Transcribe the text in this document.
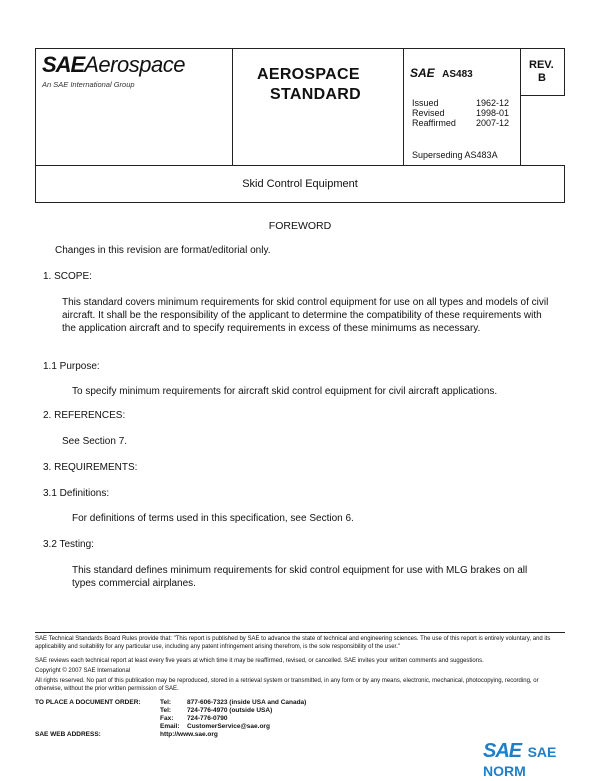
SAEAerospace
An SAE International Group
AEROSPACE
STANDARD
SAE AS483
REV.
B
Issued	1962-12
Revised	1998-01
Reaffirmed 2007-12
Superseding AS483A
Skid Control Equipment
FOREWORD
Changes in this revision are format/editorial only.
1. SCOPE:
This standard covers minimum requirements for skid control equipment for use on all types and models of civil aircraft. It shall be the responsibility of the applicant to determine the compatibility of these requirements with the application aircraft and to specify requirements in excess of these minimums as necessary.
1.1 Purpose:
To specify minimum requirements for aircraft skid control equipment for civil aircraft applications.
2. REFERENCES:
See Section 7.
3. REQUIREMENTS:
3.1 Definitions:
For definitions of terms used in this specification, see Section 6.
3.2 Testing:
This standard defines minimum requirements for skid control equipment for use with MLG brakes on all types commercial airplanes.
SAE Technical Standards Board Rules provide that: "This report is published by SAE to advance the state of technical and engineering sciences. The use of this report is entirely voluntary, and its applicability and suitability for any particular use, including any patent infringement arising therefrom, is the sole responsibility of the user."
SAE reviews each technical report at least every five years at which time it may be reaffirmed, revised, or cancelled. SAE invites your written comments and suggestions.
Copyright © 2007 SAE International
All rights reserved. No part of this publication may be reproduced, stored in a retrieval system or transmitted, in any form or by any means, electronic, mechanical, photocopying, recording, or otherwise, without the prior written permission of SAE.
TO PLACE A DOCUMENT ORDER:	Tel: 877-606-7323 (inside USA and Canada)
Tel: 724-776-4970 (outside USA)
Fax: 724-776-0790
Email: CustomerService@sae.org
SAE WEB ADDRESS:	http://www.sae.org
SAE SAE NORM
